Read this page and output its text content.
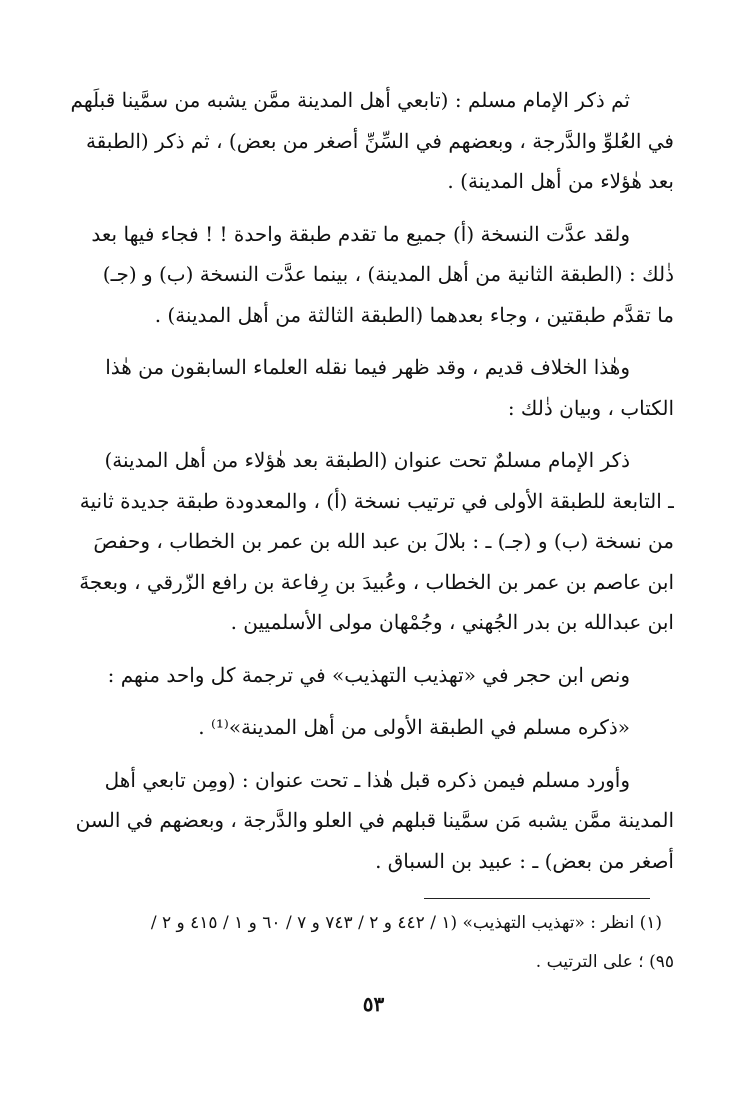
ثم ذكر الإمام مسلم : (تابعي أهل المدينة ممَّن يشبه من سمَّينا قبلَهم
في العُلوِّ والدَّرجة ، وبعضهم في السِّنِّ أصغر من بعض) ، ثم ذكر (الطبقة
بعد هٰؤلاء من أهل المدينة) .

ولقد عدَّت النسخة (أ) جميع ما تقدم طبقة واحدة ! ! فجاء فيها بعد
ذٰلك : (الطبقة الثانية من أهل المدينة) ، بينما عدَّت النسخة (ب) و (جـ)
ما تقدَّم طبقتين ، وجاء بعدهما (الطبقة الثالثة من أهل المدينة) .

وهٰذا الخلاف قديم ، وقد ظهر فيما نقله العلماء السابقون من هٰذا
الكتاب ، وبيان ذٰلك :

ذكر الإمام مسلمٌ تحت عنوان (الطبقة بعد هٰؤلاء من أهل المدينة)
ـ التابعة للطبقة الأولى في ترتيب نسخة (أ) ، والمعدودة طبقة جديدة ثانية
من نسخة (ب) و (جـ) ـ : بلالَ بن عبد الله بن عمر بن الخطاب ، وحفصَ
ابن عاصم بن عمر بن الخطاب ، وعُبيدَ بن رِفاعة بن رافع الزّرقي ، وبعجةَ
ابن عبدالله بن بدر الجُهني ، وجُمْهان مولى الأسلميين .

ونص ابن حجر في «تهذيب التهذيب» في ترجمة كل واحد منهم :

«ذكره مسلم في الطبقة الأولى من أهل المدينة»⁽¹⁾ .

وأورد مسلم فيمن ذكره قبل هٰذا ـ تحت عنوان : (ومِن تابعي أهل
المدينة ممَّن يشبه مَن سمَّينا قبلهم في العلو والدَّرجة ، وبعضهم في السن
أصغر من بعض) ـ : عبيد بن السباق .

(١) انظر : «تهذيب التهذيب» (١ / ٤٤٢ و ٢ / ٧٤٣ و ٧ / ٦٠ و ١ / ٤١٥ و ٢ /
٩٥) ؛ على الترتيب .
٥٣
